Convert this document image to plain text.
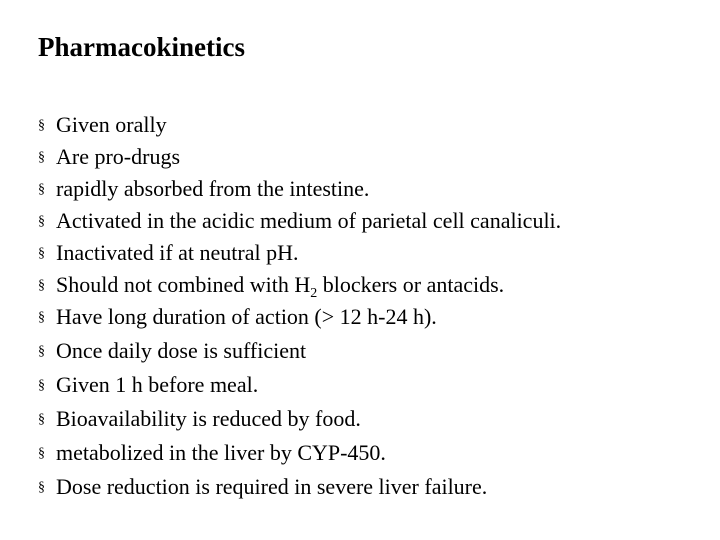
Pharmacokinetics
§ Given orally
§ Are pro-drugs
§ rapidly absorbed from the intestine.
§ Activated in the acidic medium of parietal cell canaliculi.
§ Inactivated if at neutral pH.
§ Should not combined with $H_2$ blockers or antacids.
§ Have long duration of action (> 12 h-24 h).
§ Once daily dose is sufficient
§ Given 1 h before meal.
§ Bioavailability is reduced by food.
§ metabolized in the liver by CYP-450.
§ Dose reduction is required in severe liver failure.
